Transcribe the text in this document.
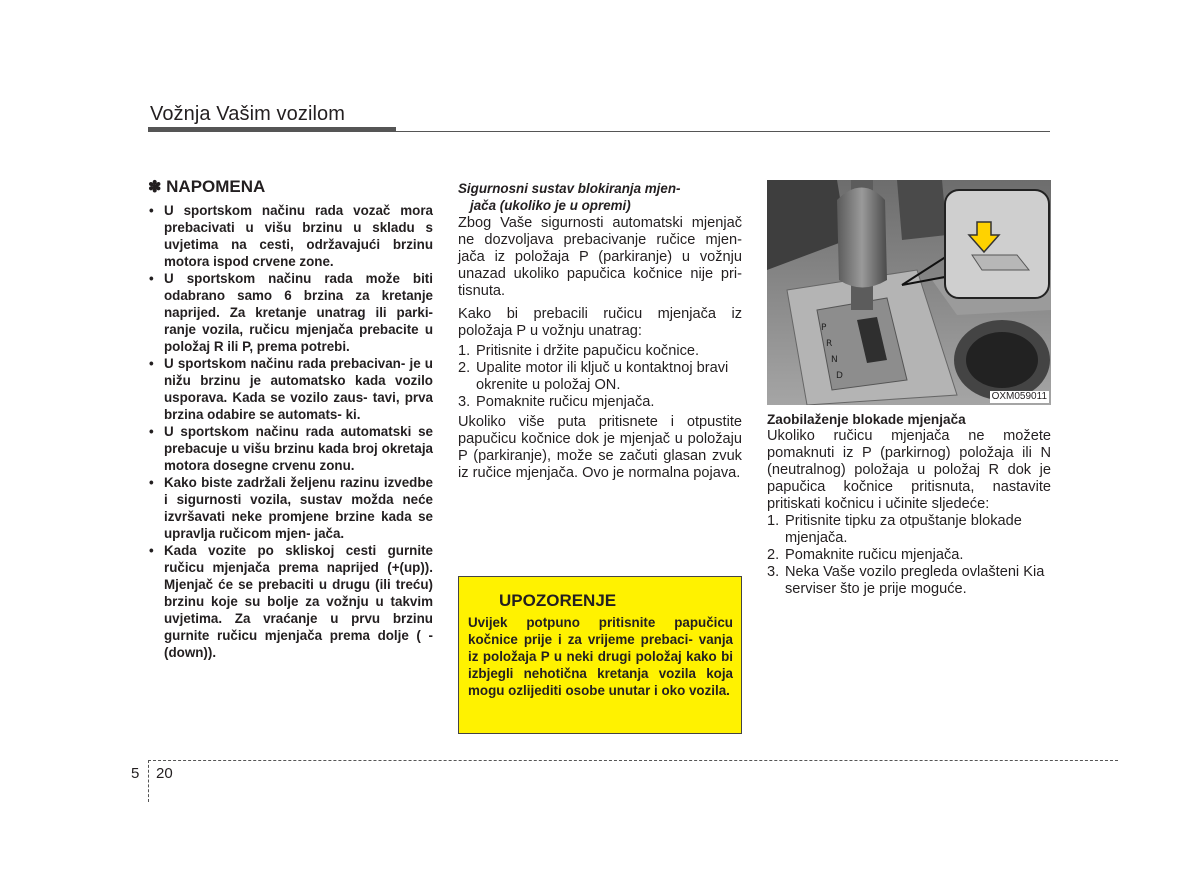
Vožnja Vašim vozilom
✽ NAPOMENA
• U sportskom načinu rada vozač mora prebacivati u višu brzinu u skladu s uvjetima na cesti, održavajući brzinu motora ispod crvene zone.
• U sportskom načinu rada može biti odabrano samo 6 brzina za kretanje naprijed. Za kretanje unatrag ili parki- ranje vozila, ručicu mjenjača prebacite u položaj R ili P, prema potrebi.
• U sportskom načinu rada prebacivan- je u nižu brzinu je automatsko kada vozilo usporava. Kada se vozilo zaus- tavi, prva brzina odabire se automats- ki.
• U sportskom načinu rada automatski se prebacuje u višu brzinu kada broj okretaja motora dosegne crvenu zonu.
• Kako biste zadržali željenu razinu izvedbe i sigurnosti vozila, sustav možda neće izvršavati neke promjene brzine kada se upravlja ručicom mjen- jača.
• Kada vozite po skliskoj cesti gurnite ručicu mjenjača prema naprijed (+(up)). Mjenjač će se prebaciti u drugu (ili treću) brzinu koje su bolje za vožnju u takvim uvjetima. Za vraćanje u prvu brzinu gurnite ručicu mjenjača prema dolje ( -(down)).
Sigurnosni sustav blokiranja mjen-
jača (ukoliko je u opremi)

Zbog Vaše sigurnosti automatski mjenjač ne dozvoljava prebacivanje ručice mjen- jača iz položaja P (parkiranje) u vožnju unazad ukoliko papučica kočnice nije pri- tisnuta.

Kako bi prebacili ručicu mjenjača iz položaja P u vožnju unatrag:

1. Pritisnite i držite papučicu kočnice.
2. Upalite motor ili ključ u kontaktnoj bravi okrenite u položaj ON.
3. Pomaknite ručicu mjenjača.

Ukoliko više puta pritisnete i otpustite papučicu kočnice dok je mjenjač u položaju P (parkiranje), može se začuti glasan zvuk iz ručice mjenjača. Ovo je normalna pojava.

UPOZORENJE
Uvijek potpuno pritisnite papučicu kočnice prije i za vrijeme prebaci- vanja iz položaja P u neki drugi položaj kako bi izbjegli nehotična kretanja vozila koja mogu ozlijediti osobe unutar i oko vozila.
P
R
N
D
OXM059011
Zaobilaženje blokade mjenjača

Ukoliko ručicu mjenjača ne možete pomaknuti iz P (parkirnog) položaja ili N (neutralnog) položaja u položaj R dok je papučica kočnice pritisnuta, nastavite pritiskati kočnicu i učinite sljedeće:

1. Pritisnite tipku za otpuštanje blokade mjenjača.
2. Pomaknite ručicu mjenjača.
3. Neka Vaše vozilo pregleda ovlašteni Kia serviser što je prije moguće.
5 20
